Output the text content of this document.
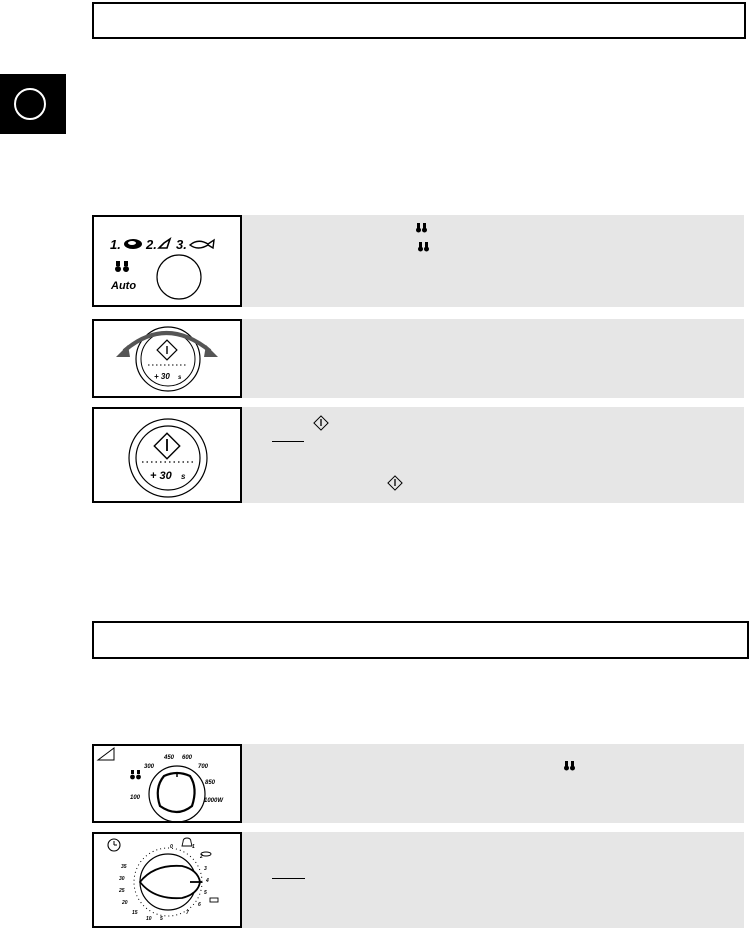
1. 2. 3.
Auto
+ 30 s
+ 30 s
100
300
450 600
700
850
1000W
35
30
25
20
15
10 5
0	1
2
3
4
5
6
7
